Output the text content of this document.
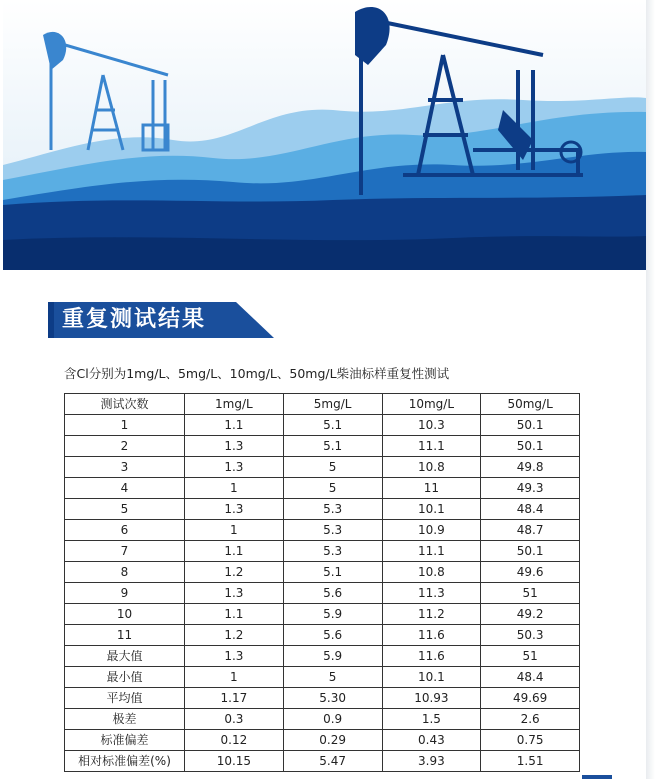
重复测试结果
含Cl分别为1mg/L、5mg/L、10mg/L、50mg/L柴油标样重复性测试
测试次数	1mg/L	5mg/L	10mg/L	50mg/L
1	1.1	5.1	10.3	50.1
2	1.3	5.1	11.1	50.1
3	1.3	5	10.8	49.8
4	1	5	11	49.3
5	1.3	5.3	10.1	48.4
6	1	5.3	10.9	48.7
7	1.1	5.3	11.1	50.1
8	1.2	5.1	10.8	49.6
9	1.3	5.6	11.3	51
10	1.1	5.9	11.2	49.2
11	1.2	5.6	11.6	50.3
最大值	1.3	5.9	11.6	51
最小值	1	5	10.1	48.4
平均值	1.17	5.30	10.93	49.69
极差	0.3	0.9	1.5	2.6
标准偏差	0.12	0.29	0.43	0.75
相对标准偏差(%)	10.15	5.47	3.93	1.51
